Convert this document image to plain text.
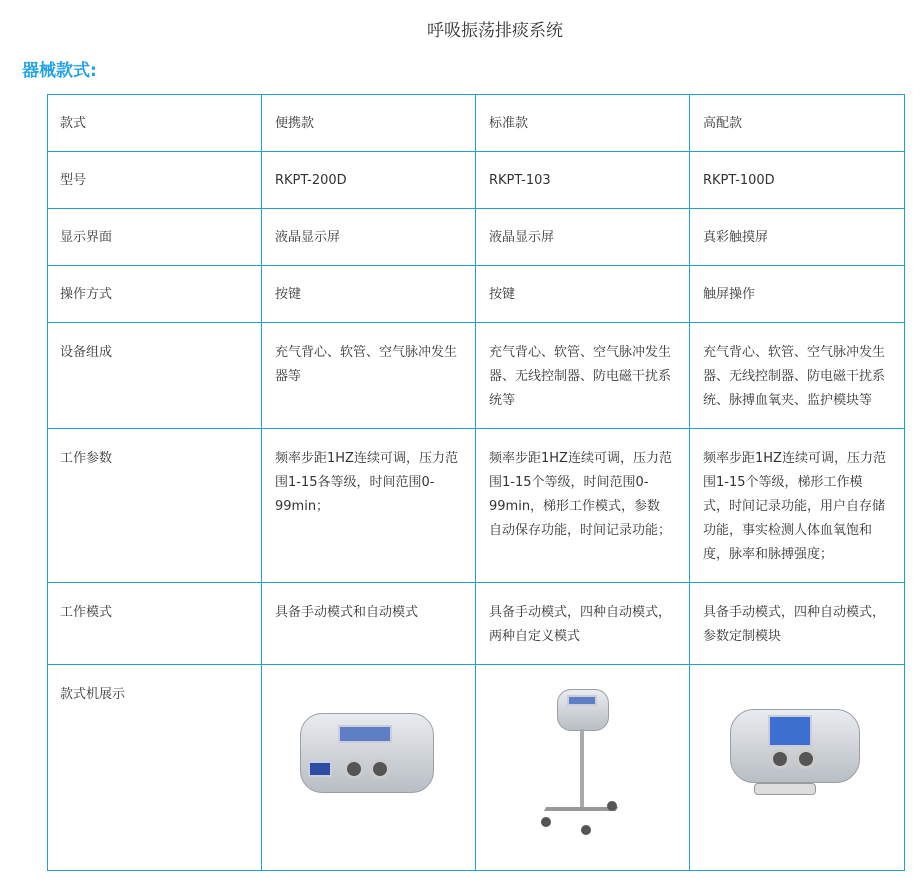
呼吸振荡排痰系统
器械款式:
款式	便携款	标准款	高配款
型号	RKPT-200D	RKPT-103	RKPT-100D
显示界面	液晶显示屏	液晶显示屏	真彩触摸屏
操作方式	按键	按键	触屏操作
设备组成	充气背心、软管、空气脉冲发生器等	充气背心、软管、空气脉冲发生器、无线控制器、防电磁干扰系统等	充气背心、软管、空气脉冲发生器、无线控制器、防电磁干扰系统、脉搏血氧夹、监护模块等
工作参数	频率步距1HZ连续可调，压力范围1-15各等级，时间范围0-99min；	频率步距1HZ连续可调，压力范围1-15个等级，时间范围0-99min，梯形工作模式，参数自动保存功能，时间记录功能；	频率步距1HZ连续可调，压力范围1-15个等级，梯形工作模式，时间记录功能，用户自存储功能，事实检测人体血氧饱和度，脉率和脉搏强度；
工作模式	具备手动模式和自动模式	具备手动模式，四种自动模式，两种自定义模式	具备手动模式，四种自动模式，参数定制模块
款式机展示	
